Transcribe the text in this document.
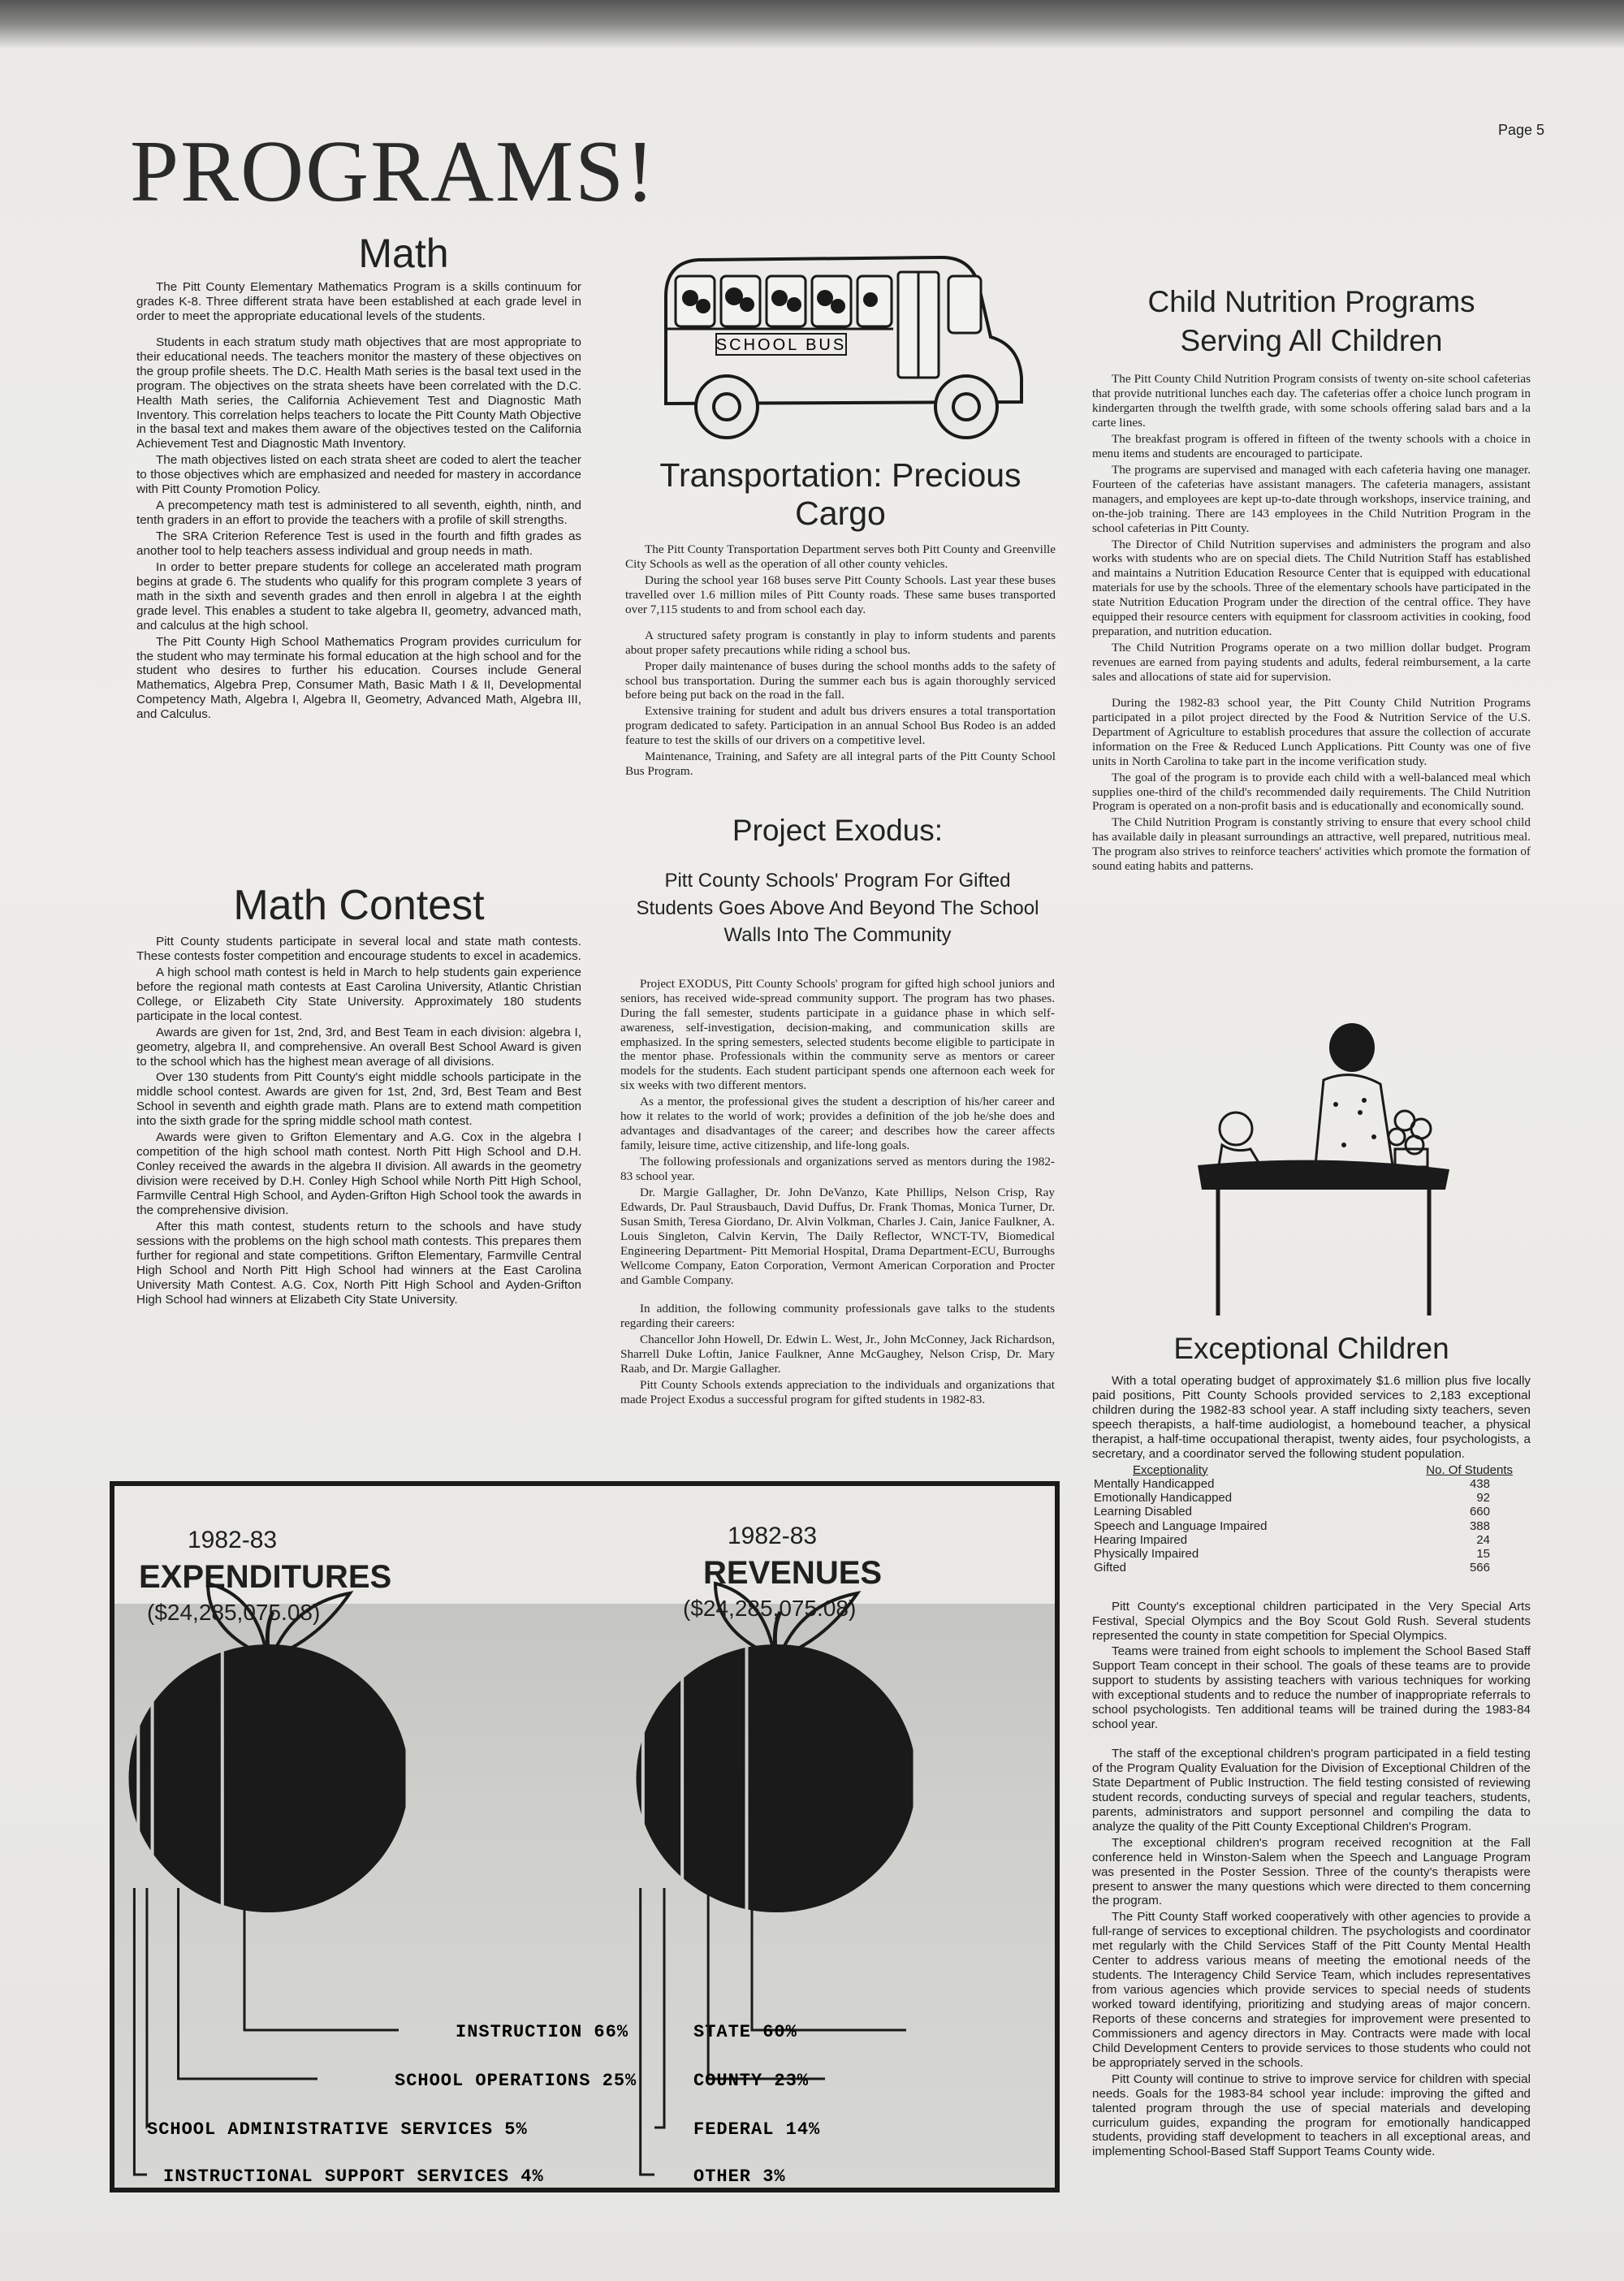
Page 5
PROGRAMS!
Math

The Pitt County Elementary Mathematics Program is a skills continuum for grades K-8. Three different strata have been established at each grade level in order to meet the appropriate educational levels of the students.

Students in each stratum study math objectives that are most appropriate to their educational needs. The teachers monitor the mastery of these objectives on the group profile sheets. The D.C. Health Math series is the basal text used in the program. The objectives on the strata sheets have been correlated with the D.C. Health Math series, the California Achievement Test and Diagnostic Math Inventory. This correlation helps teachers to locate the Pitt County Math Objective in the basal text and makes them aware of the objectives tested on the California Achievement Test and Diagnostic Math Inventory.

The math objectives listed on each strata sheet are coded to alert the teacher to those objectives which are emphasized and needed for mastery in accordance with Pitt County Promotion Policy.

A precompetency math test is administered to all seventh, eighth, ninth, and tenth graders in an effort to provide the teachers with a profile of skill strengths.

The SRA Criterion Reference Test is used in the fourth and fifth grades as another tool to help teachers assess individual and group needs in math.

In order to better prepare students for college an accelerated math program begins at grade 6. The students who qualify for this program complete 3 years of math in the sixth and seventh grades and then enroll in algebra I at the eighth grade level. This enables a student to take algebra II, geometry, advanced math, and calculus at the high school.

The Pitt County High School Mathematics Program provides curriculum for the student who may terminate his formal education at the high school and for the student who desires to further his education. Courses include General Mathematics, Algebra Prep, Consumer Math, Basic Math I & II, Developmental Competency Math, Algebra I, Algebra II, Geometry, Advanced Math, Algebra III, and Calculus.

Math Contest

Pitt County students participate in several local and state math contests. These contests foster competition and encourage students to excel in academics.

A high school math contest is held in March to help students gain experience before the regional math contests at East Carolina University, Atlantic Christian College, or Elizabeth City State University. Approximately 180 students participate in the local contest.

Awards are given for 1st, 2nd, 3rd, and Best Team in each division: algebra I, geometry, algebra II, and comprehensive. An overall Best School Award is given to the school which has the highest mean average of all divisions.

Over 130 students from Pitt County's eight middle schools participate in the middle school contest. Awards are given for 1st, 2nd, 3rd, Best Team and Best School in seventh and eighth grade math. Plans are to extend math competition into the sixth grade for the spring middle school math contest.

Awards were given to Grifton Elementary and A.G. Cox in the algebra I competition of the high school math contest. North Pitt High School and D.H. Conley received the awards in the algebra II division. All awards in the geometry division were received by D.H. Conley High School while North Pitt High School, Farmville Central High School, and Ayden-Grifton High School took the awards in the comprehensive division.

After this math contest, students return to the schools and have study sessions with the problems on the high school math contests. This prepares them further for regional and state competitions. Grifton Elementary, Farmville Central High School and North Pitt High School had winners at the East Carolina University Math Contest. A.G. Cox, North Pitt High School and Ayden-Grifton High School had winners at Elizabeth City State University.

SCHOOL BUS
Transportation: Precious Cargo

The Pitt County Transportation Department serves both Pitt County and Greenville City Schools as well as the operation of all other county vehicles.

During the school year 168 buses serve Pitt County Schools. Last year these buses travelled over 1.6 million miles of Pitt County roads. These same buses transported over 7,115 students to and from school each day.

A structured safety program is constantly in play to inform students and parents about proper safety precautions while riding a school bus.

Proper daily maintenance of buses during the school months adds to the safety of school bus transportation. During the summer each bus is again thoroughly serviced before being put back on the road in the fall.

Extensive training for student and adult bus drivers ensures a total transportation program dedicated to safety. Participation in an annual School Bus Rodeo is an added feature to test the skills of our drivers on a competitive level.

Maintenance, Training, and Safety are all integral parts of the Pitt County School Bus Program.

Project Exodus:
Pitt County Schools' Program For Gifted Students Goes Above And Beyond The School Walls Into The Community

Project EXODUS, Pitt County Schools' program for gifted high school juniors and seniors, has received wide-spread community support. The program has two phases. During the fall semester, students participate in a guidance phase in which self-awareness, self-investigation, decision-making, and communication skills are emphasized. In the spring semesters, selected students become eligible to participate in the mentor phase. Professionals within the community serve as mentors or career models for the students. Each student participant spends one afternoon each week for six weeks with two different mentors.

As a mentor, the professional gives the student a description of his/her career and how it relates to the world of work; provides a definition of the job he/she does and advantages and disadvantages of the career; and describes how the career affects family, leisure time, active citizenship, and life-long goals.

The following professionals and organizations served as mentors during the 1982-83 school year.

Dr. Margie Gallagher, Dr. John DeVanzo, Kate Phillips, Nelson Crisp, Ray Edwards, Dr. Paul Strausbauch, David Duffus, Dr. Frank Thomas, Monica Turner, Dr. Susan Smith, Teresa Giordano, Dr. Alvin Volkman, Charles J. Cain, Janice Faulkner, A. Louis Singleton, Calvin Kervin, The Daily Reflector, WNCT-TV, Biomedical Engineering Department- Pitt Memorial Hospital, Drama Department-ECU, Burroughs Wellcome Company, Eaton Corporation, Vermont American Corporation and Procter and Gamble Company.

In addition, the following community professionals gave talks to the students regarding their careers:

Chancellor John Howell, Dr. Edwin L. West, Jr., John McConney, Jack Richardson, Sharrell Duke Loftin, Janice Faulkner, Anne McGaughey, Nelson Crisp, Dr. Mary Raab, and Dr. Margie Gallagher.

Pitt County Schools extends appreciation to the individuals and organizations that made Project Exodus a successful program for gifted students in 1982-83.

Child Nutrition Programs Serving All Children

The Pitt County Child Nutrition Program consists of twenty on-site school cafeterias that provide nutritional lunches each day. The cafeterias offer a choice lunch program in kindergarten through the twelfth grade, with some schools offering salad bars and a la carte lines.

The breakfast program is offered in fifteen of the twenty schools with a choice in menu items and students are encouraged to participate.

The programs are supervised and managed with each cafeteria having one manager. Fourteen of the cafeterias have assistant managers. The cafeteria managers, assistant managers, and employees are kept up-to-date through workshops, inservice training, and on-the-job training. There are 143 employees in the Child Nutrition Program in the school cafeterias in Pitt County.

The Director of Child Nutrition supervises and administers the program and also works with students who are on special diets. The Child Nutrition Staff has established and maintains a Nutrition Education Resource Center that is equipped with educational materials for use by the schools. Three of the elementary schools have participated in the state Nutrition Education Program under the direction of the central office. They have equipped their resource centers with equipment for classroom activities in cooking, food preparation, and nutrition education.

The Child Nutrition Programs operate on a two million dollar budget. Program revenues are earned from paying students and adults, federal reimbursement, a la carte sales and allocations of state aid for supervision.

During the 1982-83 school year, the Pitt County Child Nutrition Programs participated in a pilot project directed by the Food & Nutrition Service of the U.S. Department of Agriculture to establish procedures that assure the collection of accurate information on the Free & Reduced Lunch Applications. Pitt County was one of five units in North Carolina to take part in the income verification study.

The goal of the program is to provide each child with a well-balanced meal which supplies one-third of the child's recommended daily requirements. The Child Nutrition Program is operated on a non-profit basis and is educationally and economically sound.

The Child Nutrition Program is constantly striving to ensure that every school child has available daily in pleasant surroundings an attractive, well prepared, nutritious meal. The program also strives to reinforce teachers' activities which promote the formation of sound eating habits and patterns.

Exceptional Children

With a total operating budget of approximately $1.6 million plus five locally paid positions, Pitt County Schools provided services to 2,183 exceptional children during the 1982-83 school year. A staff including sixty teachers, seven speech therapists, a half-time audiologist, a homebound teacher, a physical therapist, a half-time occupational therapist, twenty aides, four psychologists, a secretary, and a coordinator served the following student population.

Exceptionality	No. Of Students
Mentally Handicapped	438
Emotionally Handicapped	92
Learning Disabled	660
Speech and Language Impaired	388
Hearing Impaired	24
Physically Impaired	15
Gifted	566

Pitt County's exceptional children participated in the Very Special Arts Festival, Special Olympics and the Boy Scout Gold Rush. Several students represented the county in state competition for Special Olympics.

Teams were trained from eight schools to implement the School Based Staff Support Team concept in their school. The goals of these teams are to provide support to students by assisting teachers with various techniques for working with exceptional students and to reduce the number of inappropriate referrals to school psychologists. Ten additional teams will be trained during the 1983-84 school year.

The staff of the exceptional children's program participated in a field testing of the Program Quality Evaluation for the Division of Exceptional Children of the State Department of Public Instruction. The field testing consisted of reviewing student records, conducting surveys of special and regular teachers, students, parents, administrators and support personnel and compiling the data to analyze the quality of the Pitt County Exceptional Children's Program.

The exceptional children's program received recognition at the Fall conference held in Winston-Salem when the Speech and Language Program was presented in the Poster Session. Three of the county's therapists were present to answer the many questions which were directed to them concerning the program.

The Pitt County Staff worked cooperatively with other agencies to provide a full-range of services to exceptional children. The psychologists and coordinator met regularly with the Child Services Staff of the Pitt County Mental Health Center to address various means of meeting the emotional needs of the students. The Interagency Child Service Team, which includes representatives from various agencies which provide services to special needs of students worked toward identifying, prioritizing and studying areas of major concern. Reports of these concerns and strategies for improvement were presented to Commissioners and agency directors in May. Contracts were made with local Child Development Centers to provide services to those students who could not be appropriately served in the schools.

Pitt County will continue to strive to improve service for children with special needs. Goals for the 1983-84 school year include: improving the gifted and talented program through the use of special materials and developing curriculum guides, expanding the program for emotionally handicapped students, providing staff development to teachers in all exceptional areas, and implementing School-Based Staff Support Teams County wide.

1982-83
EXPENDITURES
($24,285,075.08)
1982-83
REVENUES
($24,285,075.08)
INSTRUCTION 66%
SCHOOL OPERATIONS 25%
SCHOOL ADMINISTRATIVE SERVICES 5%
INSTRUCTIONAL SUPPORT SERVICES 4%
STATE 60%
COUNTY 23%
FEDERAL 14%
OTHER 3%
